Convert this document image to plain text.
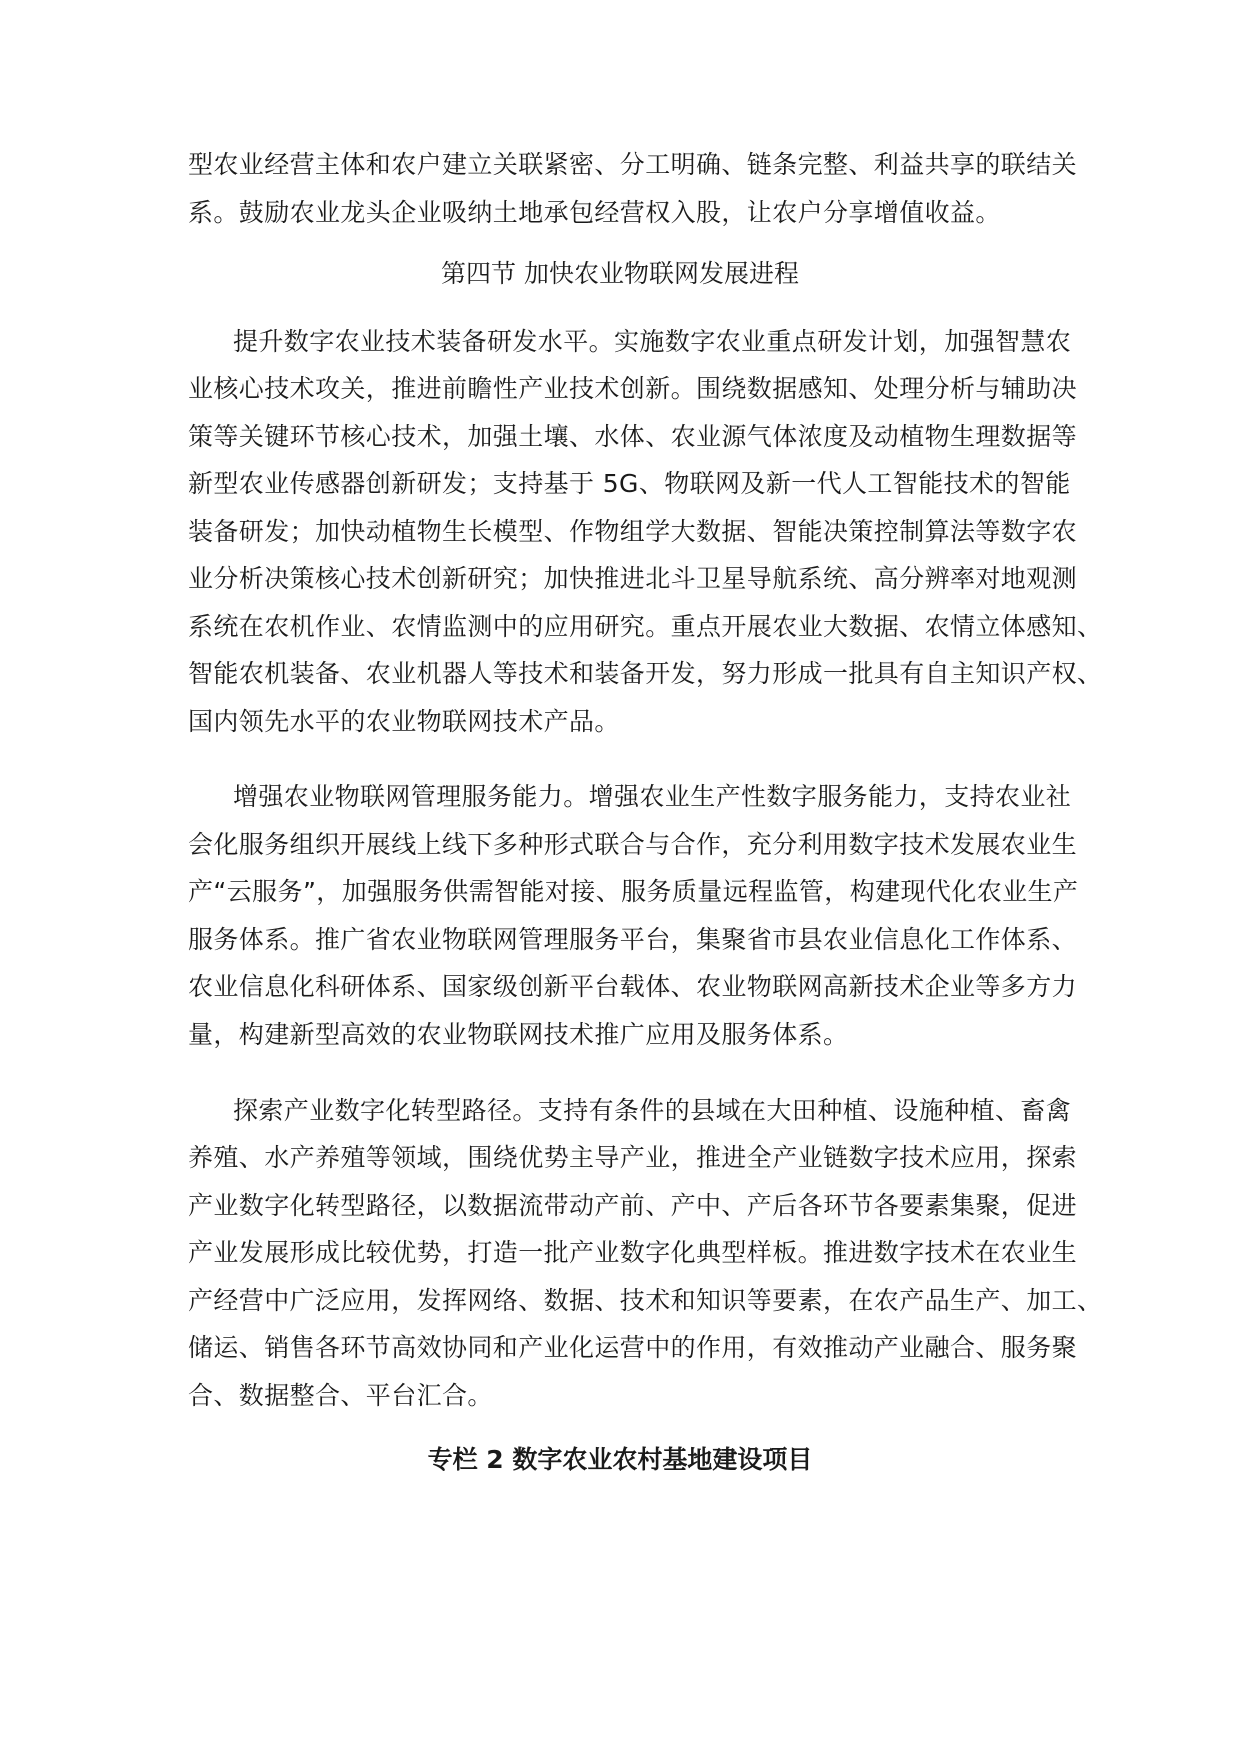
型农业经营主体和农户建立关联紧密、分工明确、链条完整、利益共享的联结关
系。鼓励农业龙头企业吸纳土地承包经营权入股，让农户分享增值收益。
第四节 加快农业物联网发展进程
提升数字农业技术装备研发水平。实施数字农业重点研发计划，加强智慧农
业核心技术攻关，推进前瞻性产业技术创新。围绕数据感知、处理分析与辅助决
策等关键环节核心技术，加强土壤、水体、农业源气体浓度及动植物生理数据等
新型农业传感器创新研发；支持基于 5G、物联网及新一代人工智能技术的智能
装备研发；加快动植物生长模型、作物组学大数据、智能决策控制算法等数字农
业分析决策核心技术创新研究；加快推进北斗卫星导航系统、高分辨率对地观测
系统在农机作业、农情监测中的应用研究。重点开展农业大数据、农情立体感知、
智能农机装备、农业机器人等技术和装备开发，努力形成一批具有自主知识产权、
国内领先水平的农业物联网技术产品。
增强农业物联网管理服务能力。增强农业生产性数字服务能力，支持农业社
会化服务组织开展线上线下多种形式联合与合作，充分利用数字技术发展农业生
产“云服务”，加强服务供需智能对接、服务质量远程监管，构建现代化农业生产
服务体系。推广省农业物联网管理服务平台，集聚省市县农业信息化工作体系、
农业信息化科研体系、国家级创新平台载体、农业物联网高新技术企业等多方力
量，构建新型高效的农业物联网技术推广应用及服务体系。
探索产业数字化转型路径。支持有条件的县域在大田种植、设施种植、畜禽
养殖、水产养殖等领域，围绕优势主导产业，推进全产业链数字技术应用，探索
产业数字化转型路径，以数据流带动产前、产中、产后各环节各要素集聚，促进
产业发展形成比较优势，打造一批产业数字化典型样板。推进数字技术在农业生
产经营中广泛应用，发挥网络、数据、技术和知识等要素，在农产品生产、加工、
储运、销售各环节高效协同和产业化运营中的作用，有效推动产业融合、服务聚
合、数据整合、平台汇合。
专栏 2 数字农业农村基地建设项目
